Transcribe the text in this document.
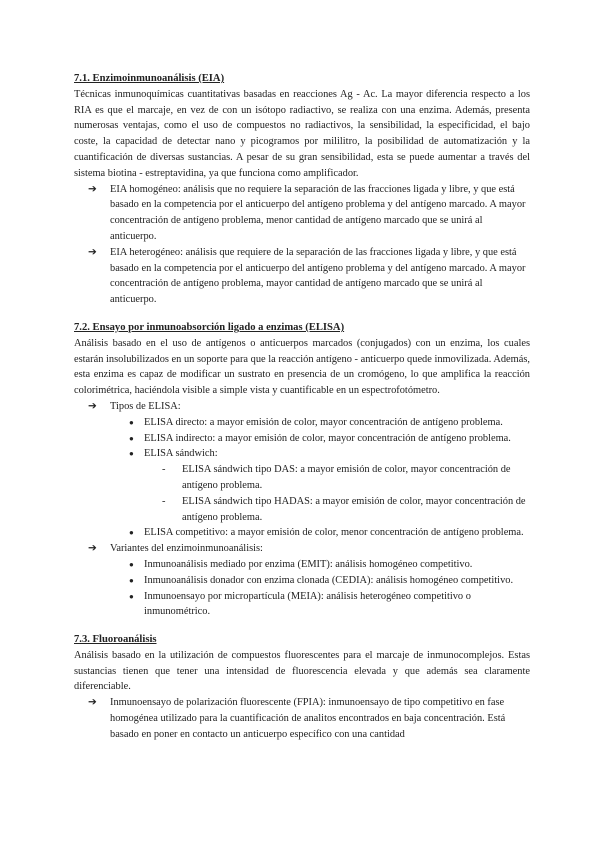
7.1. Enzimoinmunoanálisis (EIA)

Técnicas inmunoquímicas cuantitativas basadas en reacciones Ag - Ac. La mayor diferencia respecto a los RIA es que el marcaje, en vez de con un isótopo radiactivo, se realiza con una enzima. Además, presenta numerosas ventajas, como el uso de compuestos no radiactivos, la sensibilidad, la especificidad, el bajo coste, la capacidad de detectar nano y picogramos por mililitro, la posibilidad de automatización y la cuantificación de diversas sustancias. A pesar de su gran sensibilidad, esta se puede aumentar a través del sistema biotina - estreptavidina, ya que funciona como amplificador.

➔ EIA homogéneo: análisis que no requiere la separación de las fracciones ligada y libre, y que está basado en la competencia por el anticuerpo del antígeno problema y del antígeno marcado. A mayor concentración de antígeno problema, menor cantidad de antígeno marcado que se unirá al anticuerpo.
➔ EIA heterogéneo: análisis que requiere de la separación de las fracciones ligada y libre, y que está basado en la competencia por el anticuerpo del antígeno problema y del antígeno marcado. A mayor concentración de antígeno problema, mayor cantidad de antígeno marcado que se unirá al anticuerpo.
7.2. Ensayo por inmunoabsorción ligado a enzimas (ELISA)

Análisis basado en el uso de antígenos o anticuerpos marcados (conjugados) con un enzima, los cuales estarán insolubilizados en un soporte para que la reacción antígeno - anticuerpo quede inmovilizada. Además, esta enzima es capaz de modificar un sustrato en presencia de un cromógeno, lo que amplifica la reacción colorimétrica, haciéndola visible a simple vista y cuantificable en un espectrofotómetro.

➔ Tipos de ELISA:
● ELISA directo: a mayor emisión de color, mayor concentración de antígeno problema.
● ELISA indirecto: a mayor emisión de color, mayor concentración de antígeno problema.
● ELISA sándwich:
- ELISA sándwich tipo DAS: a mayor emisión de color, mayor concentración de antígeno problema.
- ELISA sándwich tipo HADAS: a mayor emisión de color, mayor concentración de antígeno problema.
● ELISA competitivo: a mayor emisión de color, menor concentración de antígeno problema.
➔ Variantes del enzimoinmunoanálisis:
● Inmunoanálisis mediado por enzima (EMIT): análisis homogéneo competitivo.
● Inmunoanálisis donador con enzima clonada (CEDIA): análisis homogéneo competitivo.
● Inmunoensayo por micropartícula (MEIA): análisis heterogéneo competitivo o inmunométrico.
7.3. Fluoroanálisis

Análisis basado en la utilización de compuestos fluorescentes para el marcaje de inmunocomplejos. Estas sustancias tienen que tener una intensidad de fluorescencia elevada y que además sea claramente diferenciable.

➔ Inmunoensayo de polarización fluorescente (FPIA): inmunoensayo de tipo competitivo en fase homogénea utilizado para la cuantificación de analitos encontrados en baja concentración. Está basado en poner en contacto un anticuerpo específico con una cantidad
